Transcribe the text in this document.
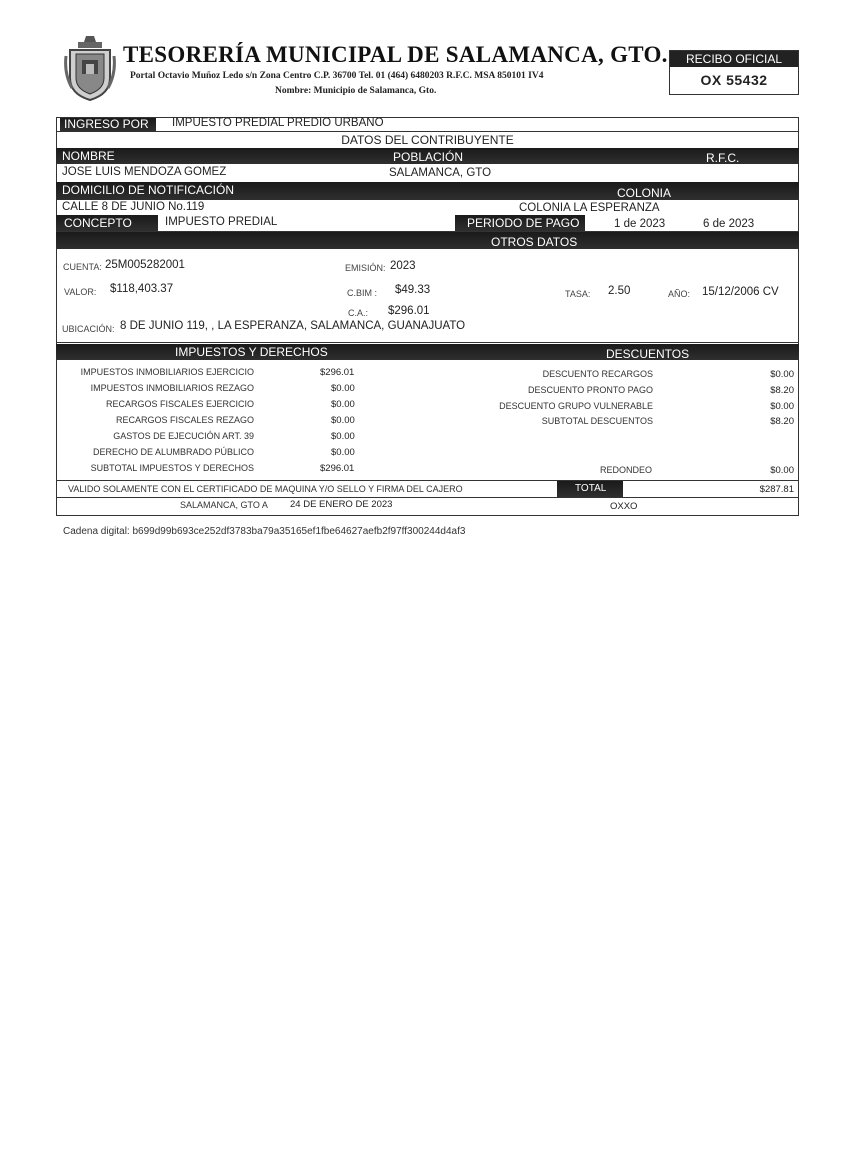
TESORERÍA MUNICIPAL DE SALAMANCA, GTO.
Portal Octavio Muñoz Ledo s/n Zona Centro C.P. 36700 Tel. 01 (464) 6480203 R.F.C. MSA 850101 IV4
Nombre: Municipio de Salamanca, Gto.
RECIBO OFICIAL
OX 55432
INGRESO POR	IMPUESTO PREDIAL PREDIO URBANO
DATOS DEL CONTRIBUYENTE
NOMBRE	POBLACIÓN	R.F.C.
JOSE LUIS MENDOZA GOMEZ	SALAMANCA, GTO
DOMICILIO DE NOTIFICACIÓN	COLONIA
CALLE 8 DE JUNIO No.119	COLONIA LA ESPERANZA
CONCEPTO	IMPUESTO PREDIAL	PERIODO DE PAGO	1 de 2023	6 de 2023
OTROS DATOS
CUENTA: 25M005282001	EMISIÓN: 2023
VALOR: $118,403.37	C.BIM : $49.33	TASA: 2.50	AÑO: 15/12/2006 CV
C.A.: $296.01
UBICACIÓN: 8 DE JUNIO 119, , LA ESPERANZA, SALAMANCA, GUANAJUATO
IMPUESTOS Y DERECHOS	DESCUENTOS
IMPUESTOS INMOBILIARIOS EJERCICIO	$296.01
IMPUESTOS INMOBILIARIOS REZAGO	$0.00
RECARGOS FISCALES EJERCICIO	$0.00
RECARGOS FISCALES REZAGO	$0.00
GASTOS DE EJECUCIÓN ART. 39	$0.00
DERECHO DE ALUMBRADO PÚBLICO	$0.00
SUBTOTAL IMPUESTOS Y DERECHOS	$296.01
DESCUENTO RECARGOS	$0.00
DESCUENTO PRONTO PAGO	$8.20
DESCUENTO GRUPO VULNERABLE	$0.00
SUBTOTAL DESCUENTOS	$8.20
REDONDEO	$0.00
VALIDO SOLAMENTE CON EL CERTIFICADO DE MAQUINA Y/O SELLO Y FIRMA DEL CAJERO	TOTAL	$287.81
SALAMANCA, GTO A 24 DE ENERO DE 2023	OXXO
Cadena digital: b699d99b693ce252df3783ba79a35165ef1fbe64627aefb2f97ff300244d4af3
